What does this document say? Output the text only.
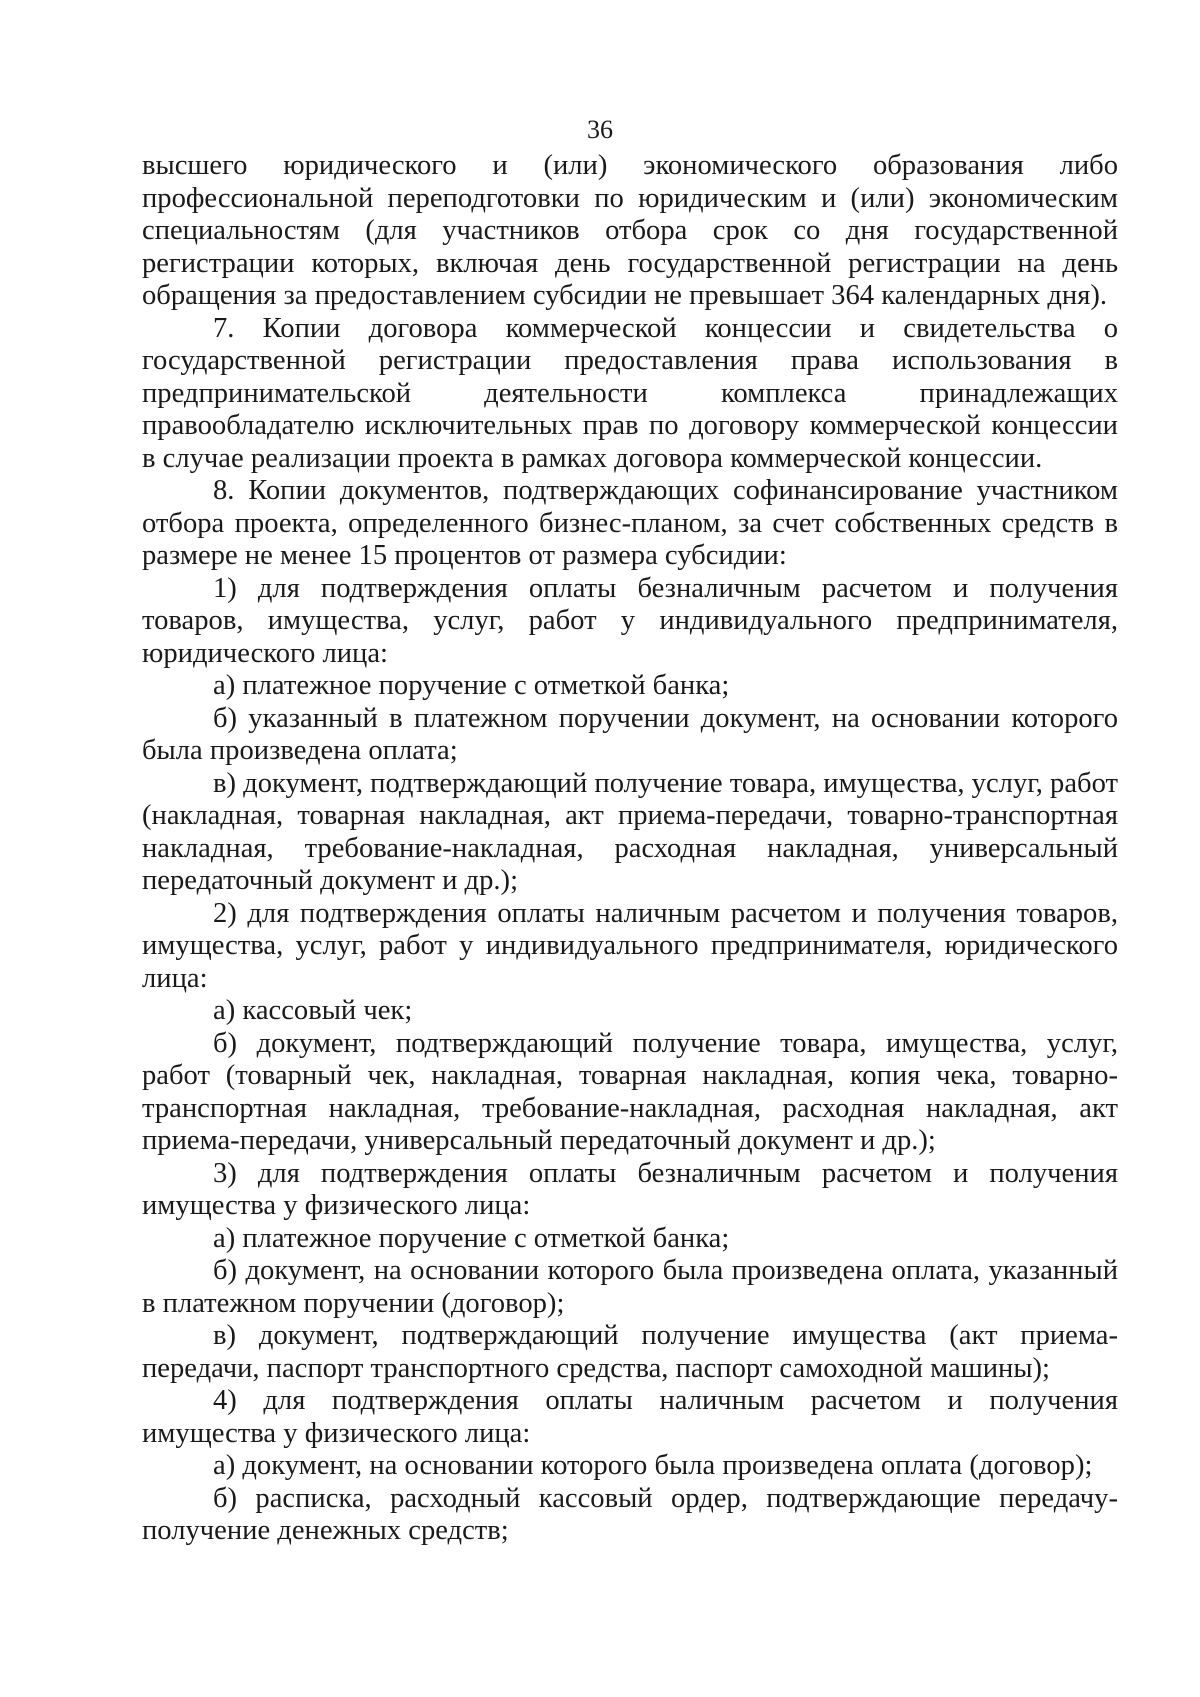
36

высшего юридического и (или) экономического образования либо профессиональной переподготовки по юридическим и (или) экономическим специальностям (для участников отбора срок со дня государственной регистрации которых, включая день государственной регистрации на день обращения за предоставлением субсидии не превышает 364 календарных дня).

7. Копии договора коммерческой концессии и свидетельства о государственной регистрации предоставления права использования в предпринимательской деятельности комплекса принадлежащих правообладателю исключительных прав по договору коммерческой концессии в случае реализации проекта в рамках договора коммерческой концессии.

8. Копии документов, подтверждающих софинансирование участником отбора проекта, определенного бизнес-планом, за счет собственных средств в размере не менее 15 процентов от размера субсидии:

1) для подтверждения оплаты безналичным расчетом и получения товаров, имущества, услуг, работ у индивидуального предпринимателя, юридического лица:

а) платежное поручение с отметкой банка;

б) указанный в платежном поручении документ, на основании которого была произведена оплата;

в) документ, подтверждающий получение товара, имущества, услуг, работ (накладная, товарная накладная, акт приема-передачи, товарно-транспортная накладная, требование-накладная, расходная накладная, универсальный передаточный документ и др.);

2) для подтверждения оплаты наличным расчетом и получения товаров, имущества, услуг, работ у индивидуального предпринимателя, юридического лица:

а) кассовый чек;

б) документ, подтверждающий получение товара, имущества, услуг, работ (товарный чек, накладная, товарная накладная, копия чека, товарно-транспортная накладная, требование-накладная, расходная накладная, акт приема-передачи, универсальный передаточный документ и др.);

3) для подтверждения оплаты безналичным расчетом и получения имущества у физического лица:

а) платежное поручение с отметкой банка;

б) документ, на основании которого была произведена оплата, указанный в платежном поручении (договор);

в) документ, подтверждающий получение имущества (акт приема-передачи, паспорт транспортного средства, паспорт самоходной машины);

4) для подтверждения оплаты наличным расчетом и получения имущества у физического лица:

а) документ, на основании которого была произведена оплата (договор);

б) расписка, расходный кассовый ордер, подтверждающие передачу-получение денежных средств;
